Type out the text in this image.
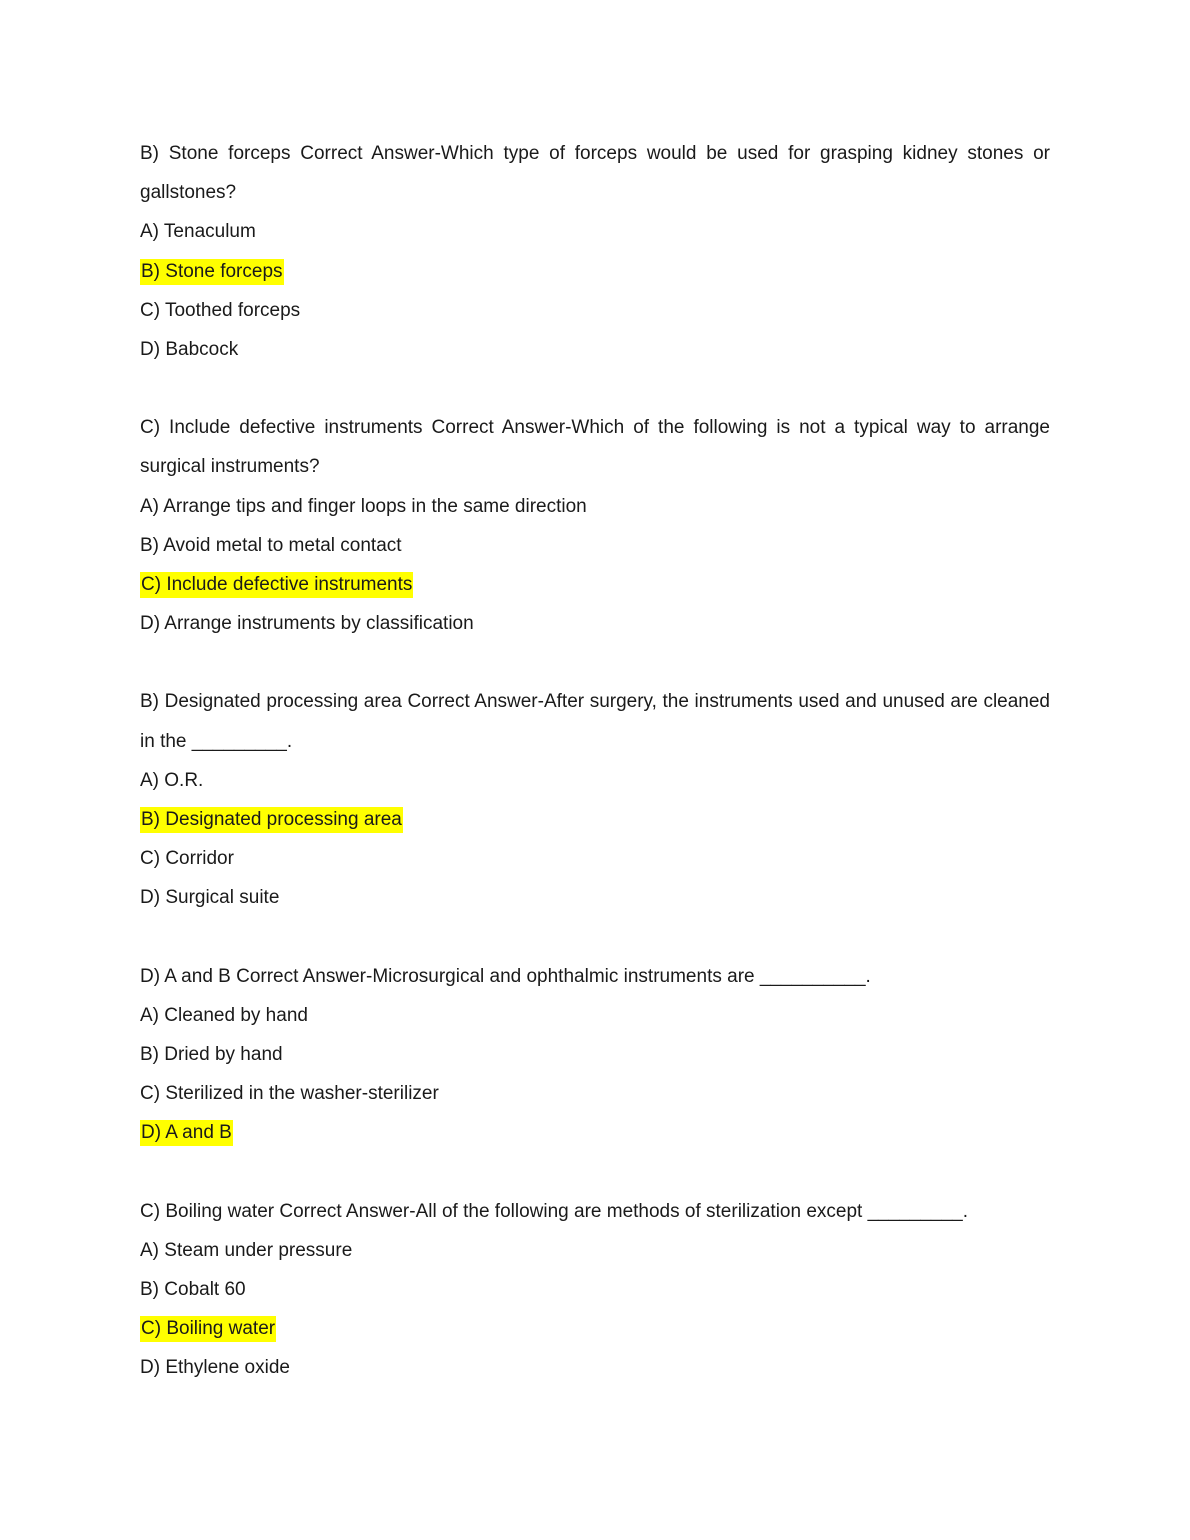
B) Stone forceps Correct Answer-Which type of forceps would be used for grasping kidney stones or gallstones?

A) Tenaculum

B) Stone forceps

C) Toothed forceps

D) Babcock

C) Include defective instruments Correct Answer-Which of the following is not a typical way to arrange surgical instruments?

A) Arrange tips and finger loops in the same direction

B) Avoid metal to metal contact

C) Include defective instruments

D) Arrange instruments by classification

B) Designated processing area Correct Answer-After surgery, the instruments used and unused are cleaned in the _________.

A) O.R.

B) Designated processing area

C) Corridor

D) Surgical suite

D) A and B Correct Answer-Microsurgical and ophthalmic instruments are __________.

A) Cleaned by hand

B) Dried by hand

C) Sterilized in the washer-sterilizer

D) A and B

C) Boiling water Correct Answer-All of the following are methods of sterilization except _________.

A) Steam under pressure

B) Cobalt 60

C) Boiling water

D) Ethylene oxide
